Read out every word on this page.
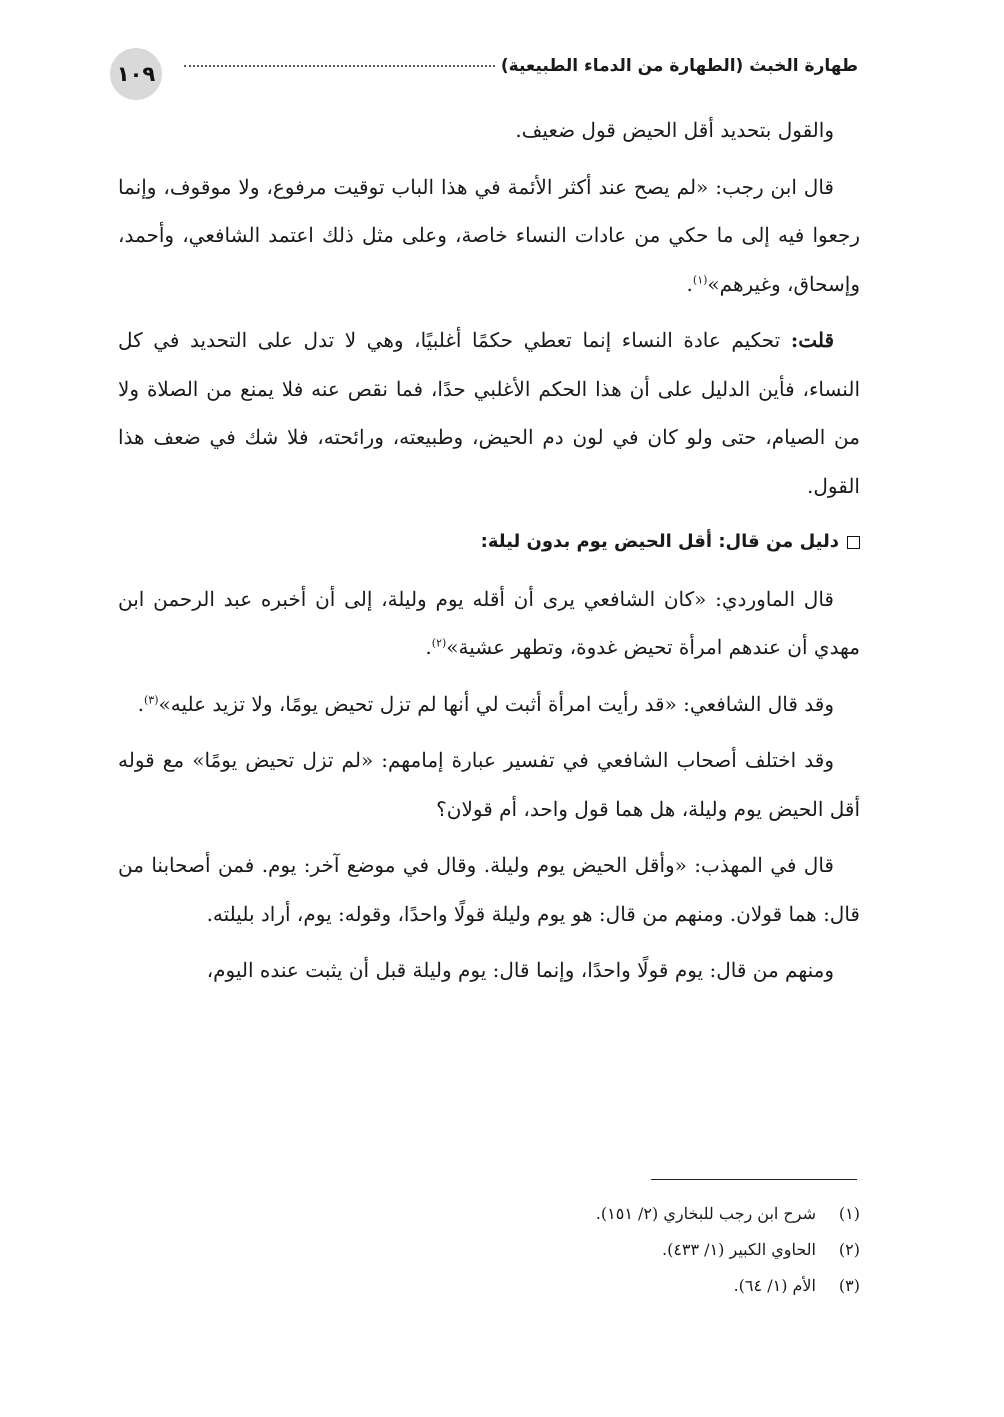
طهارة الخبث (الطهارة من الدماء الطبيعية)
١٠٩

والقول بتحديد أقل الحيض قول ضعيف.

قال ابن رجب: «لم يصح عند أكثر الأئمة في هذا الباب توقيت مرفوع، ولا موقوف، وإنما رجعوا فيه إلى ما حكي من عادات النساء خاصة، وعلى مثل ذلك اعتمد الشافعي، وأحمد، وإسحاق، وغيرهم»$^{(١)}$.

قلت: تحكيم عادة النساء إنما تعطي حكمًا أغلبيًا، وهي لا تدل على التحديد في كل النساء، فأين الدليل على أن هذا الحكم الأغلبي حدًا، فما نقص عنه فلا يمنع من الصلاة ولا من الصيام، حتى ولو كان في لون دم الحيض، وطبيعته، ورائحته، فلا شك في ضعف هذا القول.

دليل من قال: أقل الحيض يوم بدون ليلة:

قال الماوردي: «كان الشافعي يرى أن أقله يوم وليلة، إلى أن أخبره عبد الرحمن ابن مهدي أن عندهم امرأة تحيض غدوة، وتطهر عشية»$^{(٢)}$.

وقد قال الشافعي: «قد رأيت امرأة أثبت لي أنها لم تزل تحيض يومًا، ولا تزيد عليه»$^{(٣)}$.

وقد اختلف أصحاب الشافعي في تفسير عبارة إمامهم: «لم تزل تحيض يومًا» مع قوله أقل الحيض يوم وليلة، هل هما قول واحد، أم قولان؟

قال في المهذب: «وأقل الحيض يوم وليلة. وقال في موضع آخر: يوم. فمن أصحابنا من قال: هما قولان. ومنهم من قال: هو يوم وليلة قولًا واحدًا، وقوله: يوم، أراد بليلته.

ومنهم من قال: يوم قولًا واحدًا، وإنما قال: يوم وليلة قبل أن يثبت عنده اليوم،

(١)
شرح ابن رجب للبخاري (٢/ ١٥١).
(٢)
الحاوي الكبير (١/ ٤٣٣).
(٣)
الأم (١/ ٦٤).
